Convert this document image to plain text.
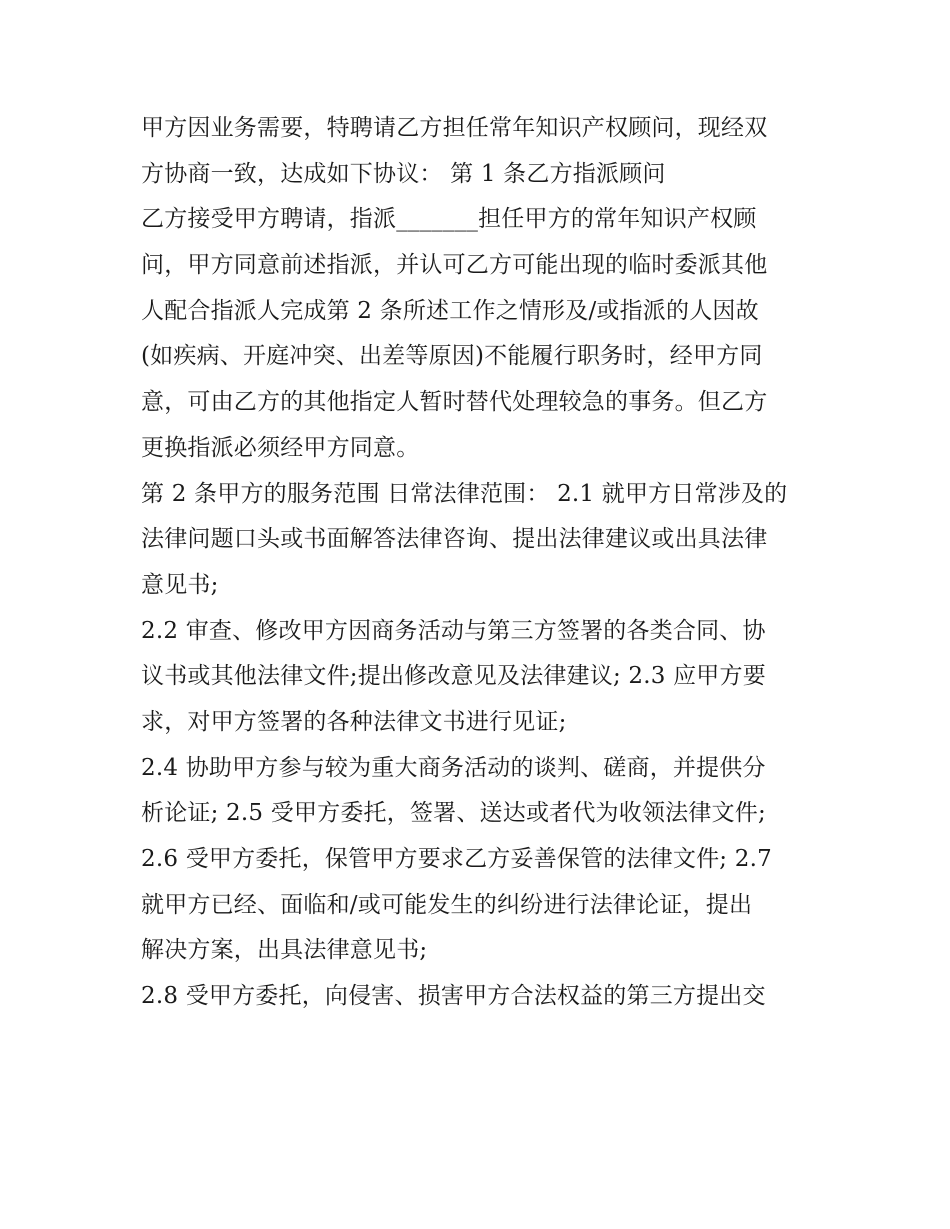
甲方因业务需要，特聘请乙方担任常年知识产权顾问，现经双
方协商一致，达成如下协议： 第 1 条乙方指派顾问
乙方接受甲方聘请，指派_______担任甲方的常年知识产权顾
问，甲方同意前述指派，并认可乙方可能出现的临时委派其他
人配合指派人完成第 2 条所述工作之情形及/或指派的人因故
(如疾病、开庭冲突、出差等原因)不能履行职务时，经甲方同
意，可由乙方的其他指定人暂时替代处理较急的事务。但乙方
更换指派必须经甲方同意。
第 2 条甲方的服务范围 日常法律范围： 2.1 就甲方日常涉及的
法律问题口头或书面解答法律咨询、提出法律建议或出具法律
意见书;
2.2 审查、修改甲方因商务活动与第三方签署的各类合同、协
议书或其他法律文件;提出修改意见及法律建议; 2.3 应甲方要
求，对甲方签署的各种法律文书进行见证;
2.4 协助甲方参与较为重大商务活动的谈判、磋商，并提供分
析论证; 2.5 受甲方委托，签署、送达或者代为收领法律文件;
2.6 受甲方委托，保管甲方要求乙方妥善保管的法律文件; 2.7
就甲方已经、面临和/或可能发生的纠纷进行法律论证，提出
解决方案，出具法律意见书;
2.8 受甲方委托，向侵害、损害甲方合法权益的第三方提出交
